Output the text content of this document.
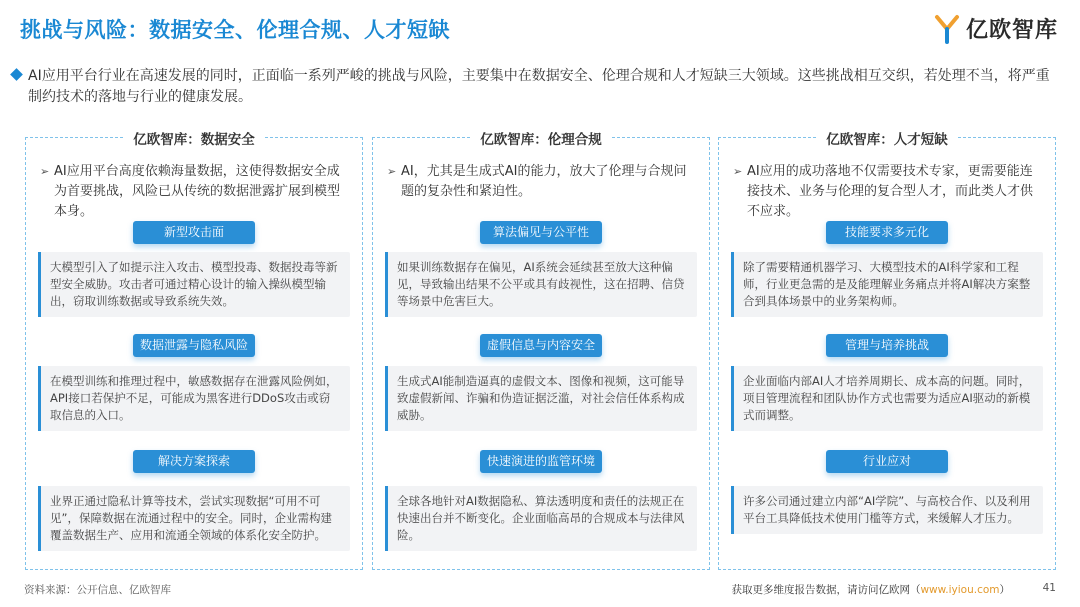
挑战与风险：数据安全、伦理合规、人才短缺	亿欧智库
AI应用平台行业在高速发展的同时，正面临一系列严峻的挑战与风险，主要集中在数据安全、伦理合规和人才短缺三大领域。这些挑战相互交织，若处理不当，将严重制约技术的落地与行业的健康发展。
亿欧智库：数据安全
➢ AI应用平台高度依赖海量数据，这使得数据安全成为首要挑战，风险已从传统的数据泄露扩展到模型本身。
新型攻击面
大模型引入了如提示注入攻击、模型投毒、数据投毒等新型安全威胁。攻击者可通过精心设计的输入操纵模型输出，窃取训练数据或导致系统失效。
数据泄露与隐私风险
在模型训练和推理过程中，敏感数据存在泄露风险例如，API接口若保护不足，可能成为黑客进行DDoS攻击或窃取信息的入口。
解决方案探索
业界正通过隐私计算等技术，尝试实现数据“可用不可见”，保障数据在流通过程中的安全。同时，企业需构建覆盖数据生产、应用和流通全领域的体系化安全防护。
亿欧智库：伦理合规
➢ AI，尤其是生成式AI的能力，放大了伦理与合规问题的复杂性和紧迫性。
算法偏见与公平性
如果训练数据存在偏见，AI系统会延续甚至放大这种偏见，导致输出结果不公平或具有歧视性，这在招聘、信贷等场景中危害巨大。
虚假信息与内容安全
生成式AI能制造逼真的虚假文本、图像和视频，这可能导致虚假新闻、诈骗和伪造证据泛滥，对社会信任体系构成威胁。
快速演进的监管环境
全球各地针对AI数据隐私、算法透明度和责任的法规正在快速出台并不断变化。企业面临高昂的合规成本与法律风险。
亿欧智库：人才短缺
➢ AI应用的成功落地不仅需要技术专家，更需要能连接技术、业务与伦理的复合型人才，而此类人才供不应求。
技能要求多元化
除了需要精通机器学习、大模型技术的AI科学家和工程师，行业更急需的是及能理解业务痛点并将AI解决方案整合到具体场景中的业务架构师。
管理与培养挑战
企业面临内部AI人才培养周期长、成本高的问题。同时，项目管理流程和团队协作方式也需要为适应AI驱动的新模式而调整。
行业应对
许多公司通过建立内部“AI学院”、与高校合作、以及利用平台工具降低技术使用门槛等方式，来缓解人才压力。
资料来源：公开信息、亿欧智库	获取更多维度报告数据，请访问亿欧网（www.iyiou.com）	41
